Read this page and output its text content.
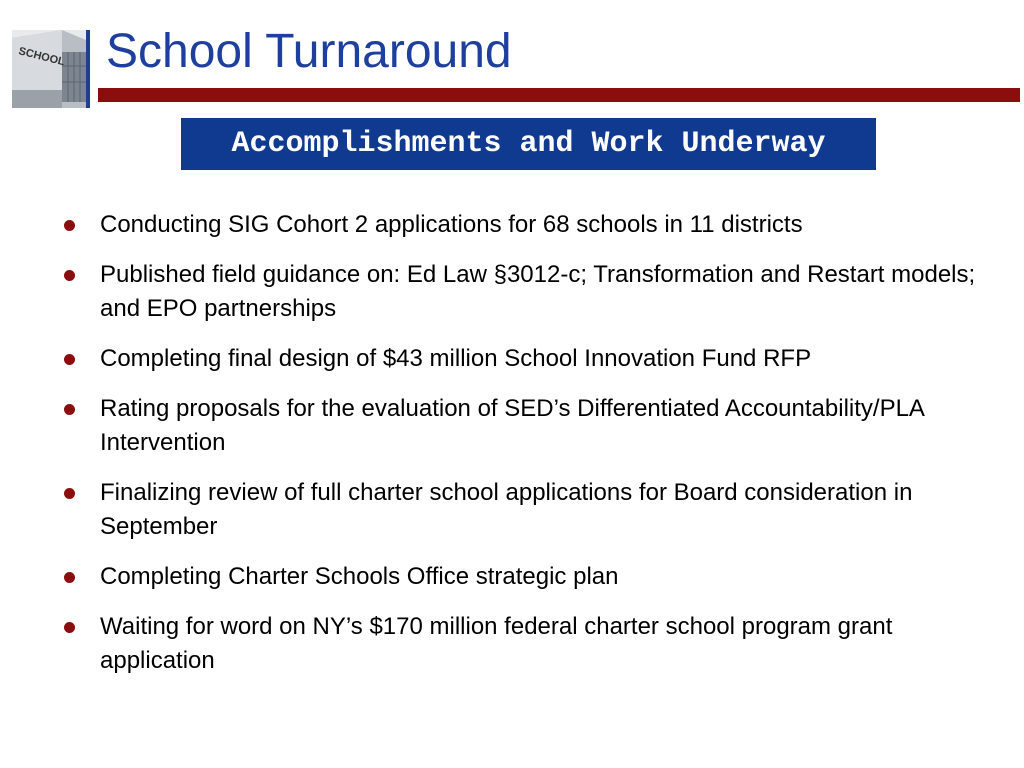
SCHOOL School Turnaround
Accomplishments and Work Underway
Conducting SIG Cohort 2 applications for 68 schools in 11 districts
Published field guidance on: Ed Law §3012-c; Transformation and Restart models; and EPO partnerships
Completing final design of $43 million School Innovation Fund RFP
Rating proposals for the evaluation of SED’s Differentiated Accountability/PLA Intervention
Finalizing review of full charter school applications for Board consideration in September
Completing Charter Schools Office strategic plan
Waiting for word on NY’s $170 million federal charter school program grant application
